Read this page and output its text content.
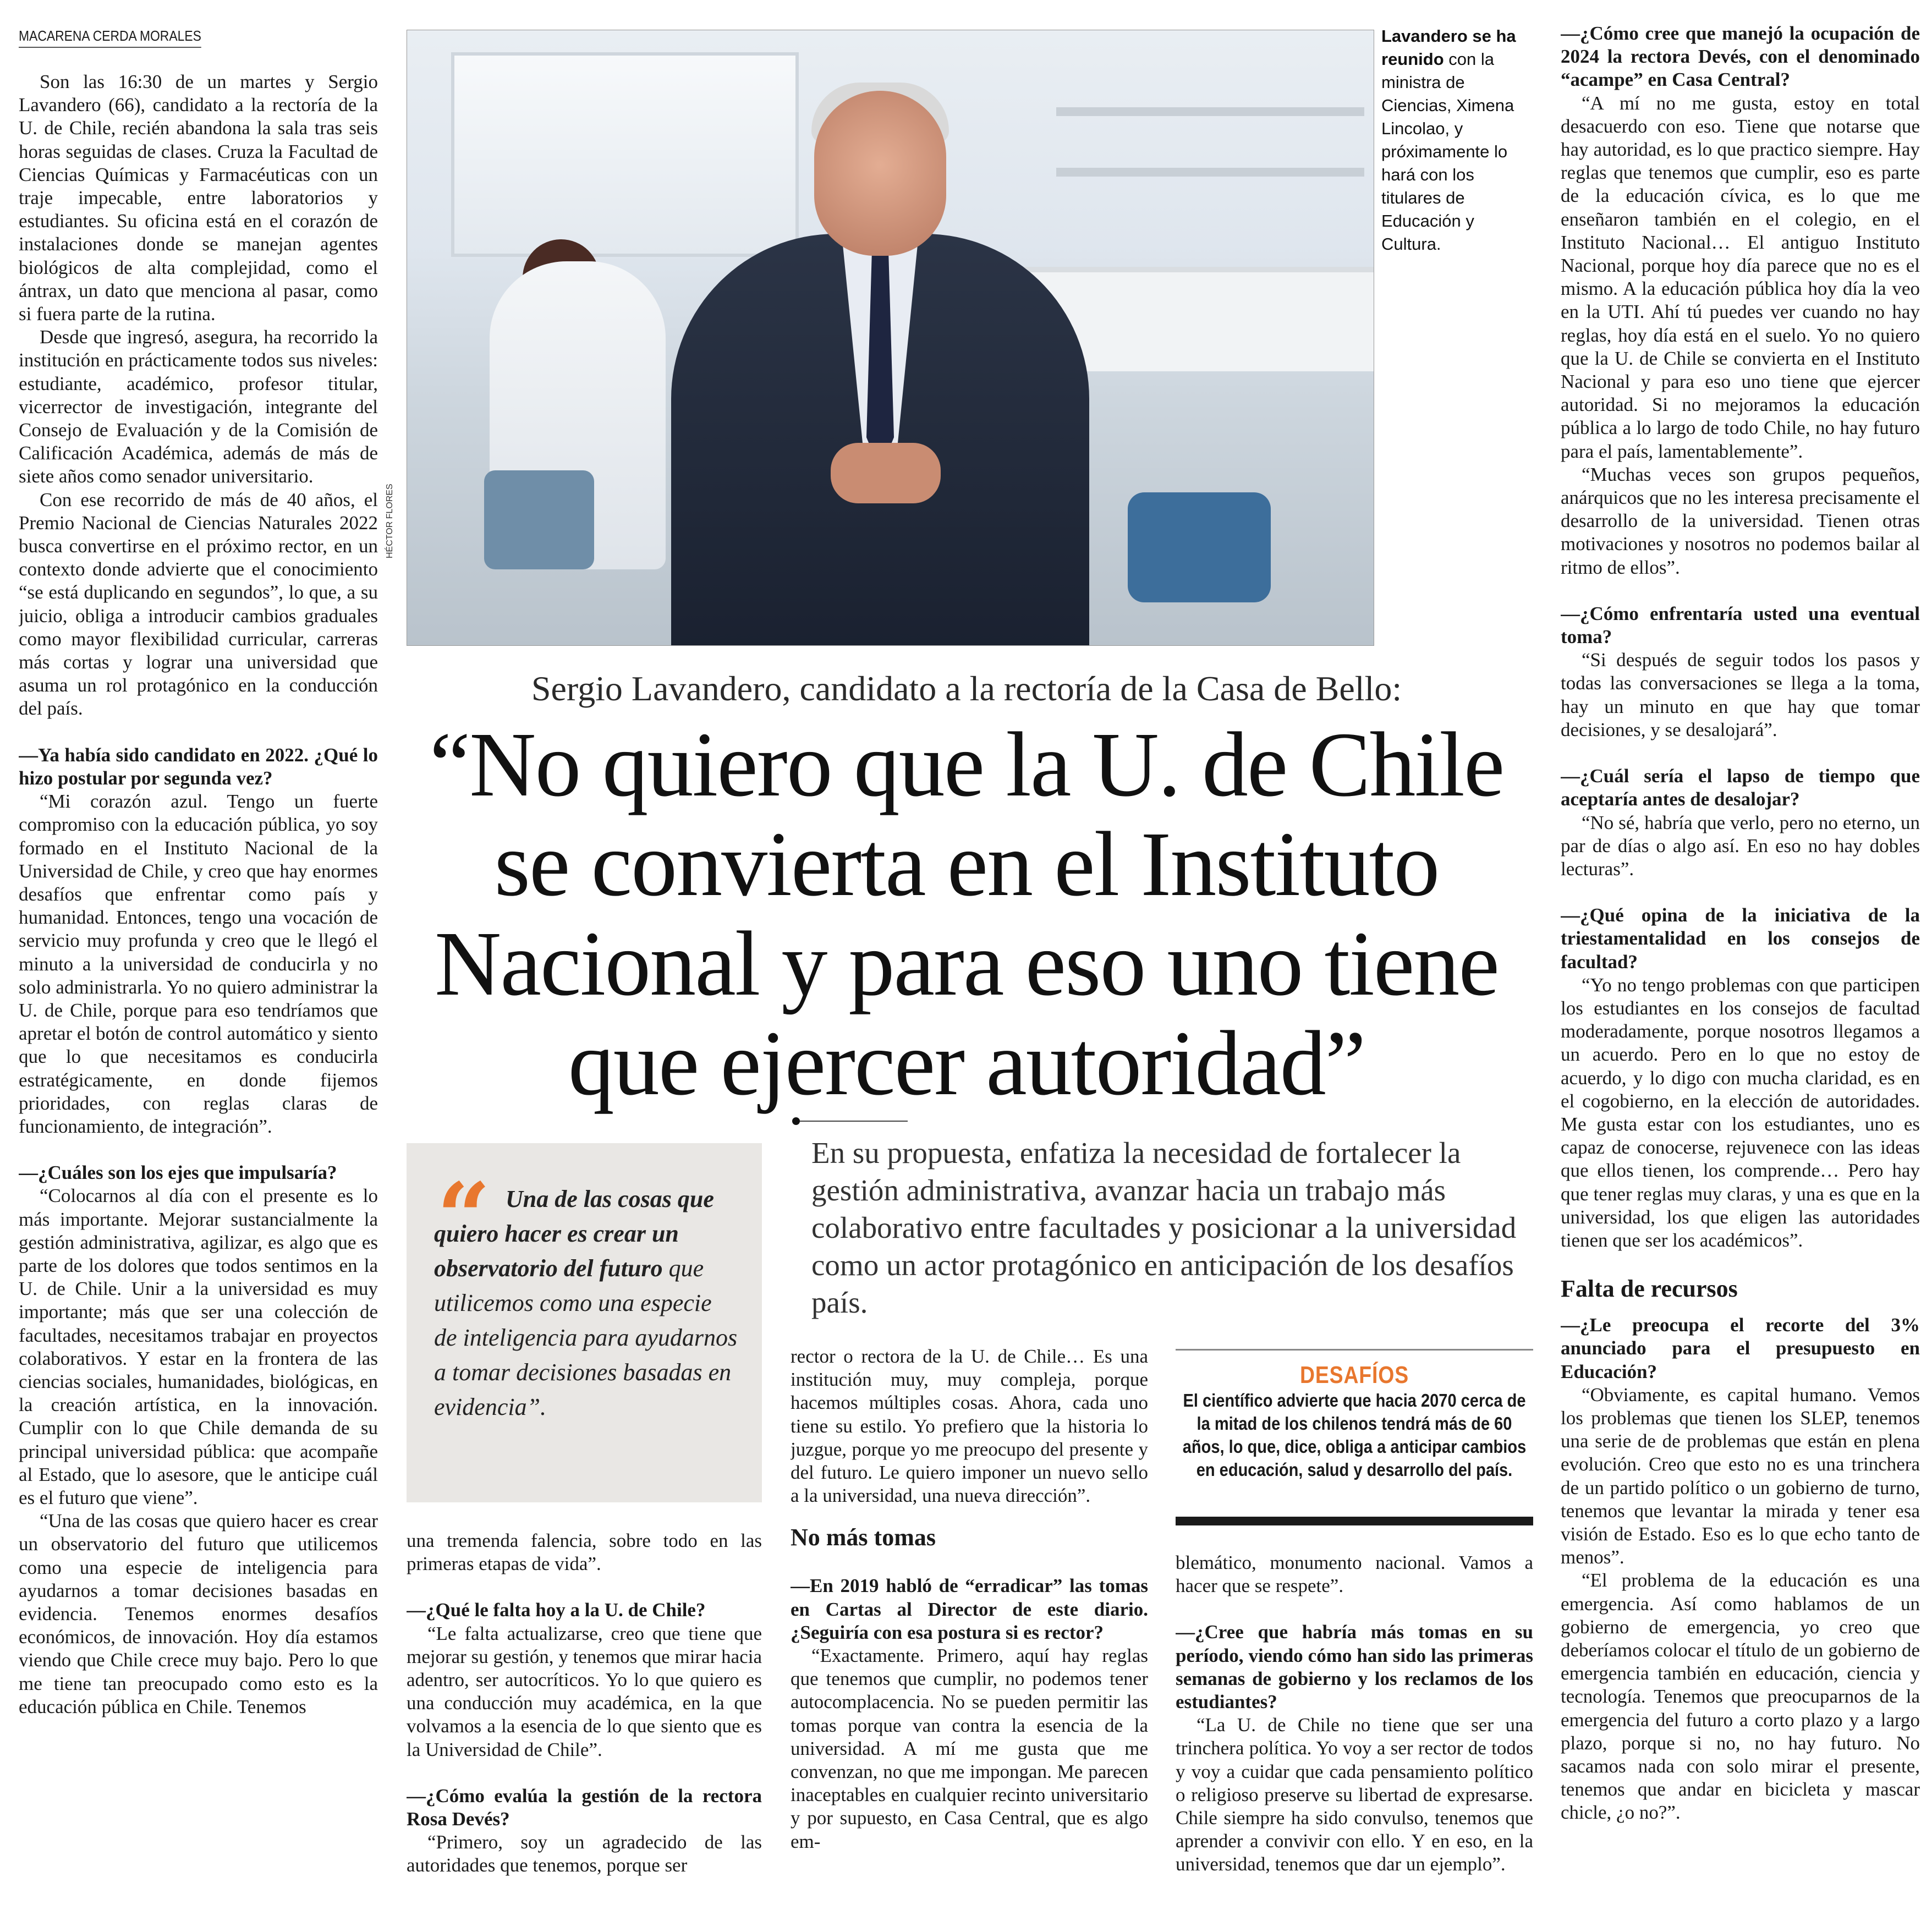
MACARENA CERDA MORALES

Son las 16:30 de un martes y Sergio Lavandero (66), candidato a la rectoría de la U. de Chile, recién abandona la sala tras seis horas seguidas de clases. Cruza la Facultad de Ciencias Químicas y Farmacéuticas con un traje impecable, entre laboratorios y estudiantes. Su oficina está en el corazón de instalaciones donde se manejan agentes biológicos de alta complejidad, como el ántrax, un dato que menciona al pasar, como si fuera parte de la rutina.

Desde que ingresó, asegura, ha recorrido la institución en prácticamente todos sus niveles: estudiante, académico, profesor titular, vicerrector de investigación, integrante del Consejo de Evaluación y de la Comisión de Calificación Académica, además de más de siete años como senador universitario.

Con ese recorrido de más de 40 años, el Premio Nacional de Ciencias Naturales 2022 busca convertirse en el próximo rector, en un contexto donde advierte que el conocimiento “se está duplicando en segundos”, lo que, a su juicio, obliga a introducir cambios graduales como mayor flexibilidad curricular, carreras más cortas y lograr una universidad que asuma un rol protagónico en la conducción del país.

—Ya había sido candidato en 2022. ¿Qué lo hizo postular por segunda vez?

“Mi corazón azul. Tengo un fuerte compromiso con la educación pública, yo soy formado en el Instituto Nacional de la Universidad de Chile, y creo que hay enormes desafíos que enfrentar como país y humanidad. Entonces, tengo una vocación de servicio muy profunda y creo que le llegó el minuto a la universidad de conducirla y no solo administrarla. Yo no quiero administrar la U. de Chile, porque para eso tendríamos que apretar el botón de control automático y siento que lo que necesitamos es conducirla estratégicamente, en donde fijemos prioridades, con reglas claras de funcionamiento, de integración”.

—¿Cuáles son los ejes que impulsaría?

“Colocarnos al día con el presente es lo más importante. Mejorar sustancialmente la gestión administrativa, agilizar, es algo que es parte de los dolores que todos sentimos en la U. de Chile. Unir a la universidad es muy importante; más que ser una colección de facultades, necesitamos trabajar en proyectos colaborativos. Y estar en la frontera de las ciencias sociales, humanidades, biológicas, en la creación artística, en la innovación. Cumplir con lo que Chile demanda de su principal universidad pública: que acompañe al Estado, que lo asesore, que le anticipe cuál es el futuro que viene”.

“Una de las cosas que quiero hacer es crear un observatorio del futuro que utilicemos como una especie de inteligencia para ayudarnos a tomar decisiones basadas en evidencia. Tenemos enormes desafíos económicos, de innovación. Hoy día estamos viendo que Chile crece muy bajo. Pero lo que me tiene tan preocupado como esto es la educación pública en Chile. Tenemos

HÉCTOR FLORES
Lavandero se ha reunido con la ministra de Ciencias, Ximena Lincolao, y próximamente lo hará con los titulares de Educación y Cultura.

—¿Cómo cree que manejó la ocupación de 2024 la rectora Devés, con el denominado “acampe” en Casa Central?

“A mí no me gusta, estoy en total desacuerdo con eso. Tiene que notarse que hay autoridad, es lo que practico siempre. Hay reglas que tenemos que cumplir, eso es parte de la educación cívica, es lo que me enseñaron también en el colegio, en el Instituto Nacional… El antiguo Instituto Nacional, porque hoy día parece que no es el mismo. A la educación pública hoy día la veo en la UTI. Ahí tú puedes ver cuando no hay reglas, hoy día está en el suelo. Yo no quiero que la U. de Chile se convierta en el Instituto Nacional y para eso uno tiene que ejercer autoridad. Si no mejoramos la educación pública a lo largo de todo Chile, no hay futuro para el país, lamentablemente”.

“Muchas veces son grupos pequeños, anárquicos que no les interesa precisamente el desarrollo de la universidad. Tienen otras motivaciones y nosotros no podemos bailar al ritmo de ellos”.

—¿Cómo enfrentaría usted una eventual toma?

“Si después de seguir todos los pasos y todas las conversaciones se llega a la toma, hay un minuto en que hay que tomar decisiones, y se desalojará”.

—¿Cuál sería el lapso de tiempo que aceptaría antes de desalojar?

“No sé, habría que verlo, pero no eterno, un par de días o algo así. En eso no hay dobles lecturas”.

—¿Qué opina de la iniciativa de la triestamentalidad en los consejos de facultad?

“Yo no tengo problemas con que participen los estudiantes en los consejos de facultad moderadamente, porque nosotros llegamos a un acuerdo. Pero en lo que no estoy de acuerdo, y lo digo con mucha claridad, es en el cogobierno, en la elección de autoridades. Me gusta estar con los estudiantes, uno es capaz de conocerse, rejuvenece con las ideas que ellos tienen, los comprende… Pero hay que tener reglas muy claras, y una es que en la universidad, los que eligen las autoridades tienen que ser los académicos”.

Falta de recursos

—¿Le preocupa el recorte del 3% anunciado para el presupuesto en Educación?

“Obviamente, es capital humano. Vemos los problemas que tienen los SLEP, tenemos una serie de de problemas que están en plena evolución. Creo que esto no es una trinchera de un partido político o un gobierno de turno, tenemos que levantar la mirada y tener esa visión de Estado. Eso es lo que echo tanto de menos”.

“El problema de la educación es una emergencia. Así como hablamos de un gobierno de emergencia, yo creo que deberíamos colocar el título de un gobierno de emergencia también en educación, ciencia y tecnología. Tenemos que preocuparnos de la emergencia del futuro a corto plazo y a largo plazo, porque si no, no hay futuro. No sacamos nada con solo mirar el presente, tenemos que andar en bicicleta y mascar chicle, ¿o no?”.

Sergio Lavandero, candidato a la rectoría de la Casa de Bello:
“No quiero que la U. de Chile
se convierta en el Instituto
Nacional y para eso uno tiene
que ejercer autoridad”
“ Una de las cosas que quiero hacer es crear un observatorio del futuro que utilicemos como una especie de inteligencia para ayudarnos a tomar decisiones basadas en evidencia”.
En su propuesta, enfatiza la necesidad de fortalecer la gestión administrativa, avanzar hacia un trabajo más colaborativo entre facultades y posicionar a la universidad como un actor protagónico en anticipación de los desafíos país.

una tremenda falencia, sobre todo en las primeras etapas de vida”.

—¿Qué le falta hoy a la U. de Chile?

“Le falta actualizarse, creo que tiene que mejorar su gestión, y tenemos que mirar hacia adentro, ser autocríticos. Yo lo que quiero es una conducción muy académica, en la que volvamos a la esencia de lo que siento que es la Universidad de Chile”.

—¿Cómo evalúa la gestión de la rectora Rosa Devés?

“Primero, soy un agradecido de las autoridades que tenemos, porque ser

rector o rectora de la U. de Chile… Es una institución muy, muy compleja, porque hacemos múltiples cosas. Ahora, cada uno tiene su estilo. Yo prefiero que la historia lo juzgue, porque yo me preocupo del presente y del futuro. Le quiero imponer un nuevo sello a la universidad, una nueva dirección”.

No más tomas

—En 2019 habló de “erradicar” las tomas en Cartas al Director de este diario. ¿Seguiría con esa postura si es rector?

“Exactamente. Primero, aquí hay reglas que tenemos que cumplir, no podemos tener autocomplacencia. No se pueden permitir las tomas porque van contra la esencia de la universidad. A mí me gusta que me convenzan, no que me impongan. Me parecen inaceptables en cualquier recinto universitario y por supuesto, en Casa Central, que es algo em-

DESAFÍOS
El científico advierte que hacia 2070 cerca de la mitad de los chilenos tendrá más de 60 años, lo que, dice, obliga a anticipar cambios en educación, salud y desarrollo del país.

blemático, monumento nacional. Vamos a hacer que se respete”.

—¿Cree que habría más tomas en su período, viendo cómo han sido las primeras semanas de gobierno y los reclamos de los estudiantes?

“La U. de Chile no tiene que ser una trinchera política. Yo voy a ser rector de todos y voy a cuidar que cada pensamiento político o religioso preserve su libertad de expresarse. Chile siempre ha sido convulso, tenemos que aprender a convivir con ello. Y en eso, en la universidad, tenemos que dar un ejemplo”.
